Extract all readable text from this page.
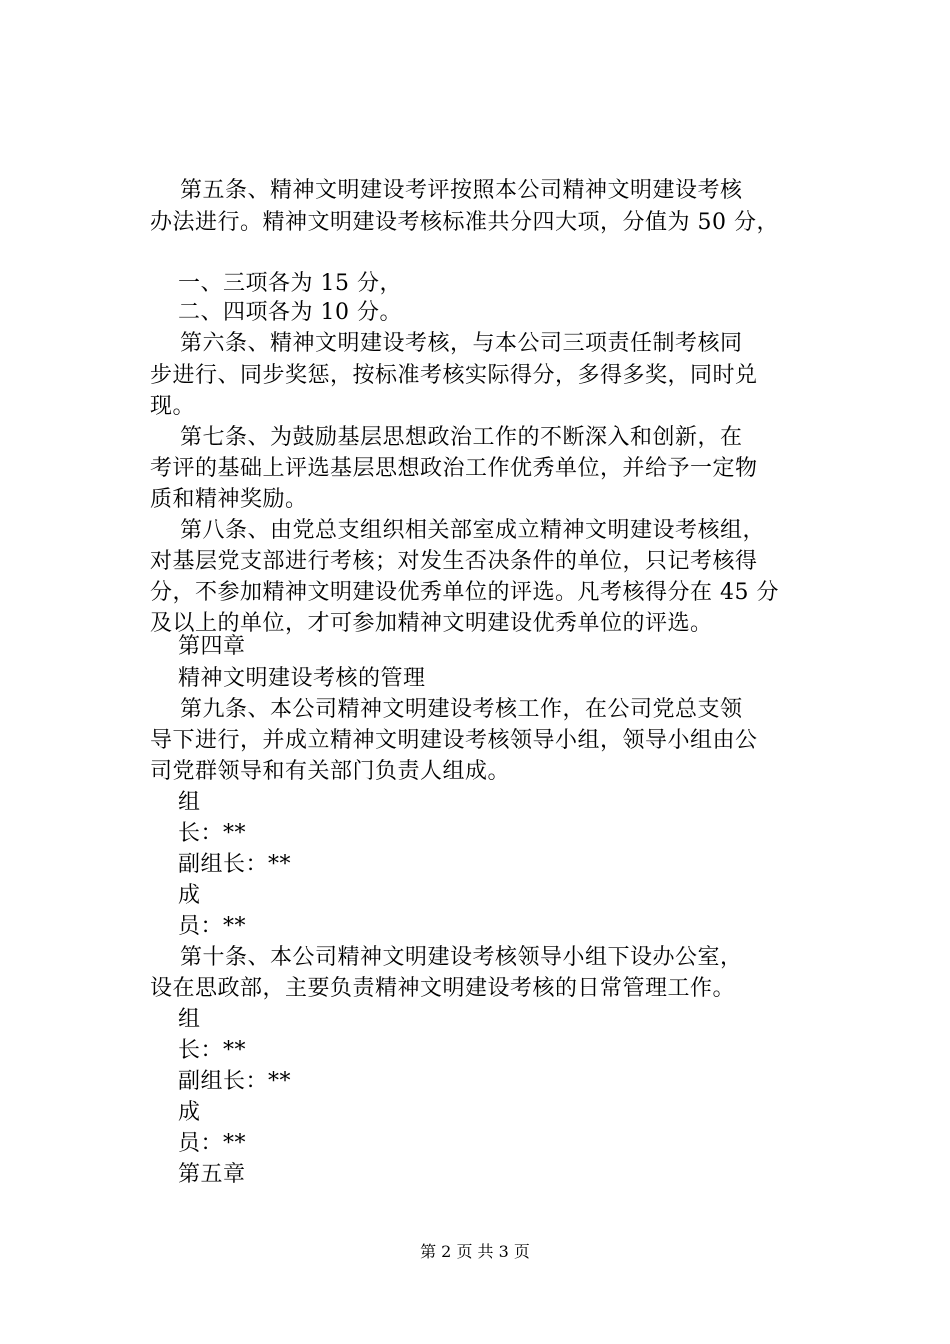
第五条、精神文明建设考评按照本公司精神文明建设考核
办法进行。精神文明建设考核标准共分四大项，分值为 50 分，
一、三项各为 15 分，
二、四项各为 10 分。
第六条、精神文明建设考核，与本公司三项责任制考核同
步进行、同步奖惩，按标准考核实际得分，多得多奖，同时兑
现。
第七条、为鼓励基层思想政治工作的不断深入和创新，在
考评的基础上评选基层思想政治工作优秀单位，并给予一定物
质和精神奖励。
第八条、由党总支组织相关部室成立精神文明建设考核组，
对基层党支部进行考核；对发生否决条件的单位，只记考核得
分，不参加精神文明建设优秀单位的评选。凡考核得分在 45 分
及以上的单位，才可参加精神文明建设优秀单位的评选。
第四章
精神文明建设考核的管理
第九条、本公司精神文明建设考核工作，在公司党总支领
导下进行，并成立精神文明建设考核领导小组，领导小组由公
司党群领导和有关部门负责人组成。
组
长：**
副组长：**
成
员：**
第十条、本公司精神文明建设考核领导小组下设办公室，
设在思政部，主要负责精神文明建设考核的日常管理工作。
组
长：**
副组长：**
成
员：**
第五章
第 2 页 共 3 页
